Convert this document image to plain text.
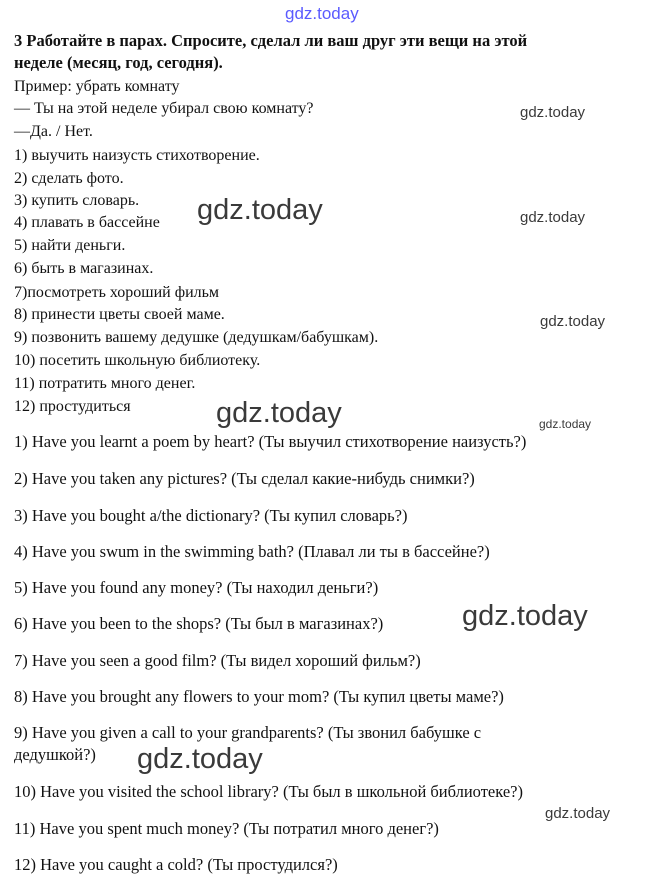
gdz.today
3 Работайте в парах. Спросите, сделал ли ваш друг эти вещи на этой
неделе (месяц, год, сегодня).
Пример: убрать комнату
— Ты на этой неделе убирал свою комнату?
—Да. / Нет.
1) выучить наизусть стихотворение.
2) сделать фото.
3) купить словарь.
4) плавать в бассейне
5) найти деньги.
6) быть в магазинах.
7)посмотреть хороший фильм
8) принести цветы своей маме.
9) позвонить вашему дедушке (дедушкам/бабушкам).
10) посетить школьную библиотеку.
11) потратить много денег.
12) простудиться
1) Have you learnt a poem by heart? (Ты выучил стихотворение наизусть?)
2) Have you taken any pictures? (Ты сделал какие-нибудь снимки?)
3) Have you bought a/the dictionary? (Ты купил словарь?)
4) Have you swum in the swimming bath? (Плавал ли ты в бассейне?)
5) Have you found any money? (Ты находил деньги?)
6) Have you been to the shops? (Ты был в магазинах?)
7) Have you seen a good film? (Ты видел хороший фильм?)
8) Have you brought any flowers to your mom? (Ты купил цветы маме?)
9) Have you given a call to your grandparents? (Ты звонил бабушке с
дедушкой?)
10) Have you visited the school library? (Ты был в школьной библиотеке?)
11) Have you spent much money? (Ты потратил много денег?)
12) Have you caught a cold? (Ты простудился?)
gdz.today
gdz.today	gdz.today
gdz.today
gdz.today	gdz.today
gdz.today
gdz.today
gdz.today
